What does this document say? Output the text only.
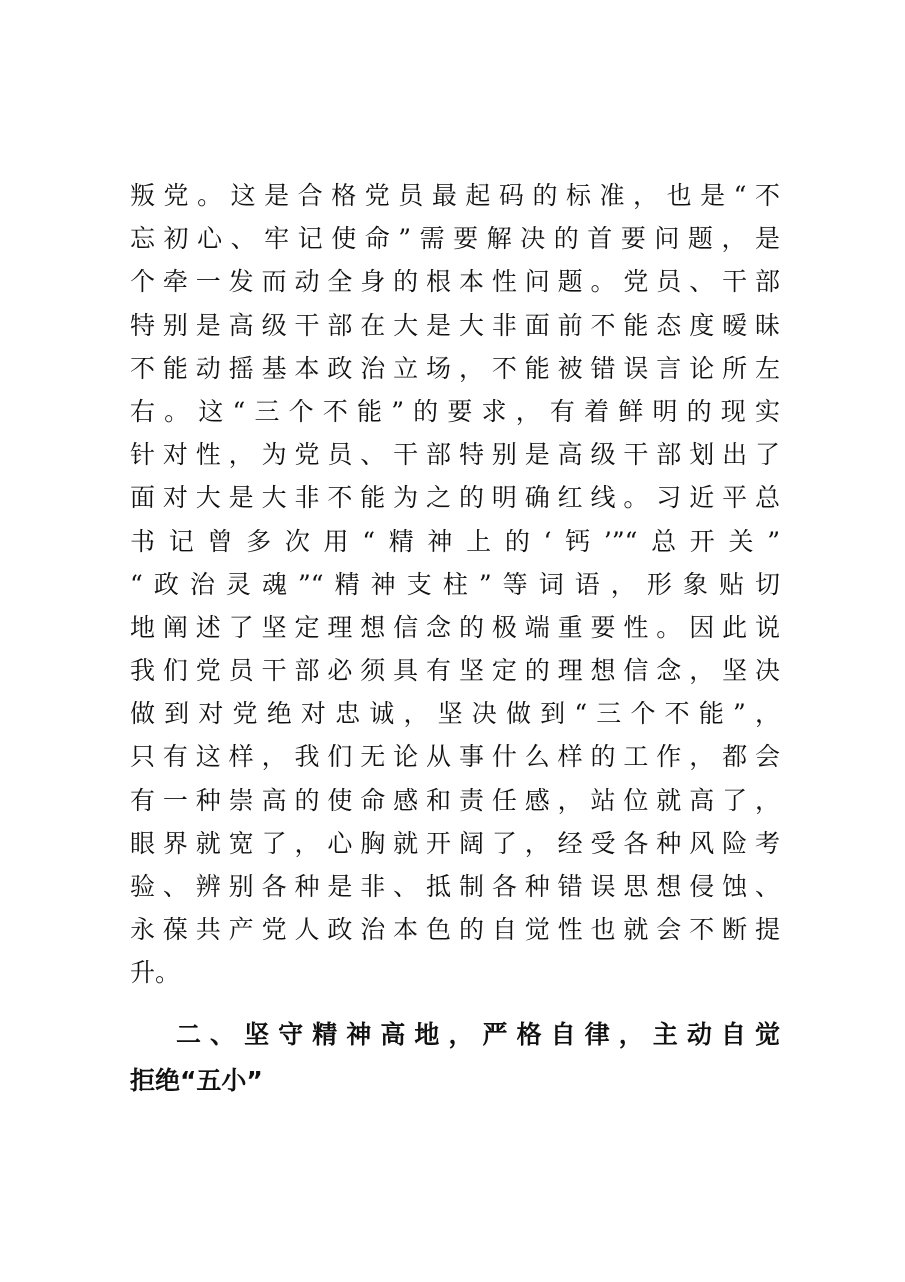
叛党。这是合格党员最起码的标准，也是“不
忘初心、牢记使命”需要解决的首要问题，是
个牵一发而动全身的根本性问题。党员、干部
特别是高级干部在大是大非面前不能态度暧昧
不能动摇基本政治立场，不能被错误言论所左
右。这“三个不能”的要求，有着鲜明的现实
针对性，为党员、干部特别是高级干部划出了
面对大是大非不能为之的明确红线。习近平总
书记曾多次用“精神上的‘钙’”“总开关”
“政治灵魂”“精神支柱”等词语，形象贴切
地阐述了坚定理想信念的极端重要性。因此说
我们党员干部必须具有坚定的理想信念，坚决
做到对党绝对忠诚，坚决做到“三个不能”，
只有这样，我们无论从事什么样的工作，都会
有一种崇高的使命感和责任感，站位就高了，
眼界就宽了，心胸就开阔了，经受各种风险考
验、辨别各种是非、抵制各种错误思想侵蚀、
永葆共产党人政治本色的自觉性也就会不断提
升。
二、坚守精神高地，严格自律，主动自觉
拒绝“五小”
